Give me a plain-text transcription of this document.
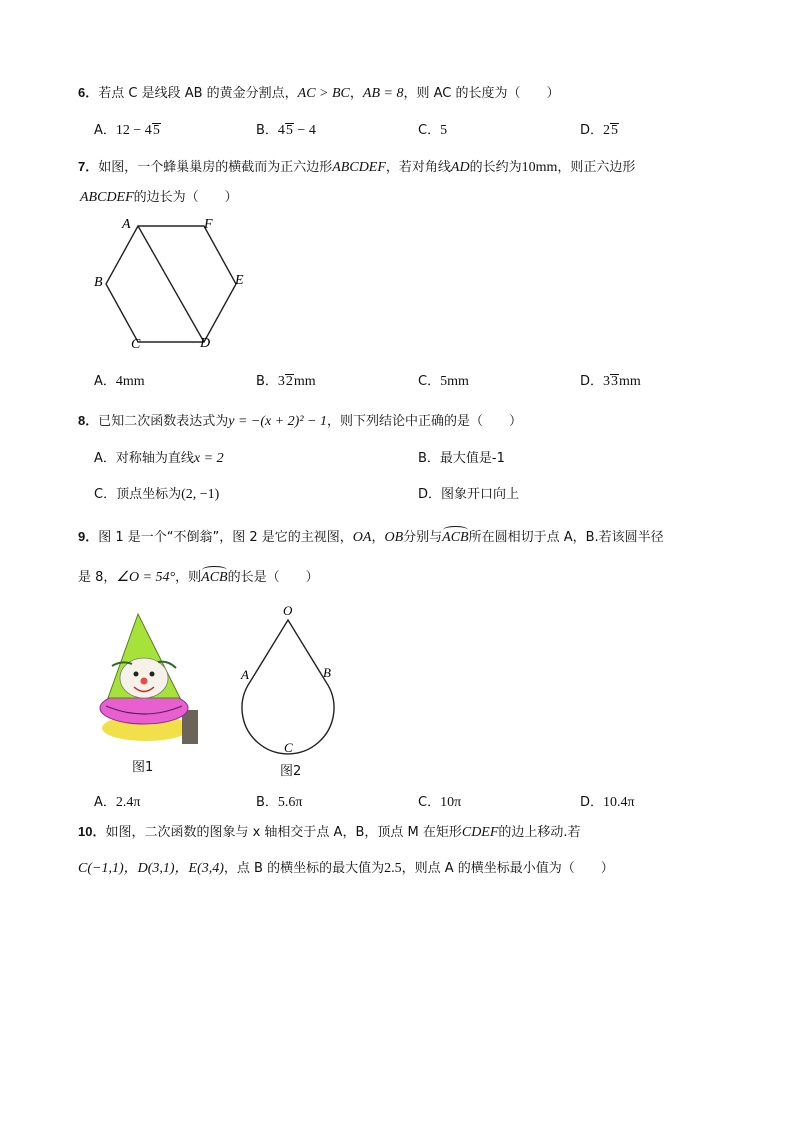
6．若点 C 是线段 AB 的黄金分割点，AC > BC，AB = 8，则 AC 的长度为（　　）
A．12 − 45	B．45 − 4	C．5	D．25
7．如图，一个蜂巢巢房的横截而为正六边形ABCDEF，若对角线AD的长约为10mm，则正六边形
ABCDEF的边长为（　　）
A	F
E
D
C
B
A．4mm	B．32mm	C．5mm	D．33mm
8．已知二次函数表达式为y = −(x + 2)² − 1，则下列结论中正确的是（　　）
A．对称轴为直线x = 2	B．最大值是-1
C．顶点坐标为(2, −1)	D．图象开口向上
9．图 1 是一个“不倒翁”，图 2 是它的主视图，OA，OB分别与ACB所在圆相切于点 A，B.若该圆半径
是 8，∠O = 54°，则ACB的长是（　　）
图1
O
A	B
C
图2
A．2.4π	B．5.6π	C．10π	D．10.4π
10．如图，二次函数的图象与 x 轴相交于点 A，B，顶点 M 在矩形CDEF的边上移动.若
C(−1,1)，D(3,1)，E(3,4)，点 B 的横坐标的最大值为2.5，则点 A 的横坐标最小值为（　　）
